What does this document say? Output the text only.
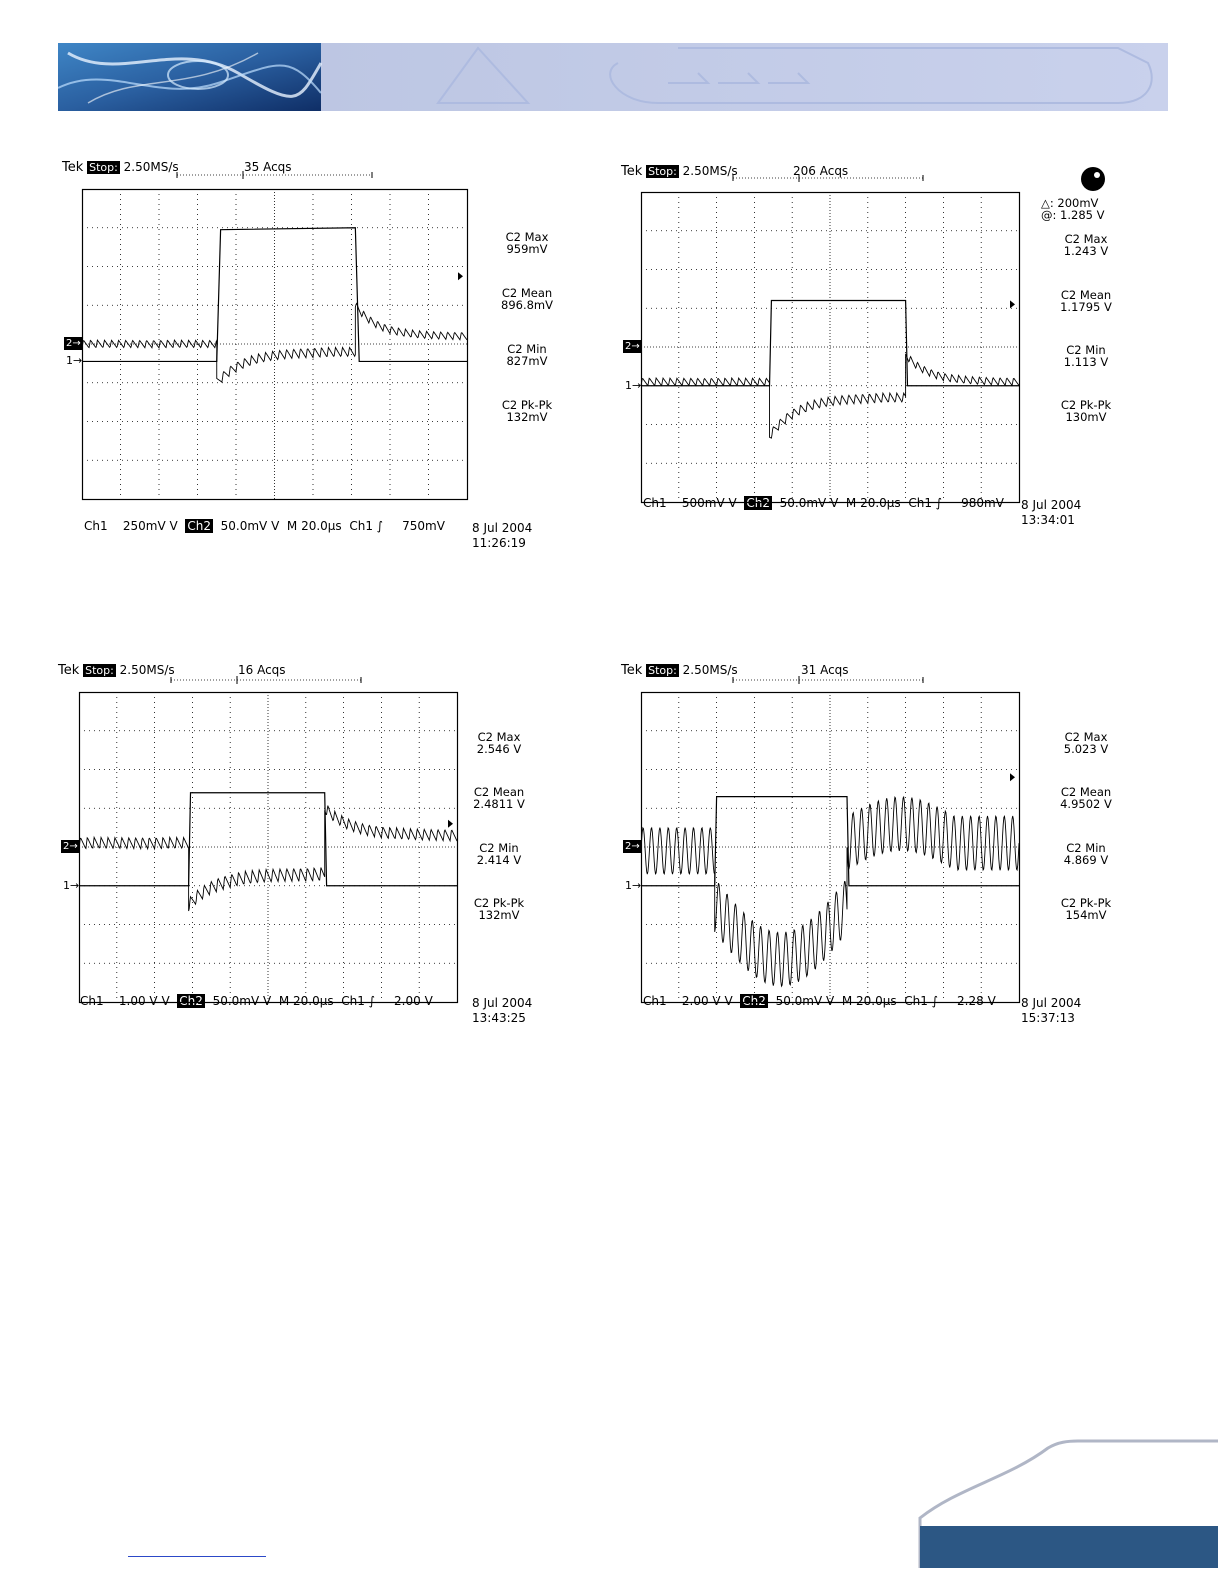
Tek Stop: 2.50MS/s	35 Acqs
C2 Max
959mV
C2 Mean
896.8mV
C2 Min
827mV
C2 Pk-Pk
132mV
Ch1 250mV ⴸ  Ch2 50.0mV ⴸ  M 20.0µs Ch1 ∫     750mV 8 Jul 2004
11:26:19
1→
2→
Tek Stop: 2.50MS/s	206 Acqs
△: 200mV
@: 1.285 V
C2 Max
1.243 V
C2 Mean
1.1795 V
C2 Min
1.113 V
C2 Pk-Pk
130mV
Ch1 500mV ⴸ  Ch2 50.0mV ⴸ  M 20.0µs Ch1 ∫     980mV 8 Jul 2004
13:34:01
1→
2→
Tek Stop: 2.50MS/s	16 Acqs
C2 Max
2.546 V
C2 Mean
2.4811 V
C2 Min
2.414 V
C2 Pk-Pk
132mV
Ch1 1.00 V ⴸ  Ch2 50.0mV ⴸ  M 20.0µs Ch1 ∫     2.00 V	8 Jul 2004
13:43:25
1→
2→
Tek Stop: 2.50MS/s	31 Acqs
C2 Max
5.023 V
C2 Mean
4.9502 V
C2 Min
4.869 V
C2 Pk-Pk
154mV
Ch1 2.00 V ⴸ  Ch2 50.0mV ⴸ  M 20.0µs Ch1 ∫     2.28 V 8 Jul 2004
15:37:13
1→
2→
